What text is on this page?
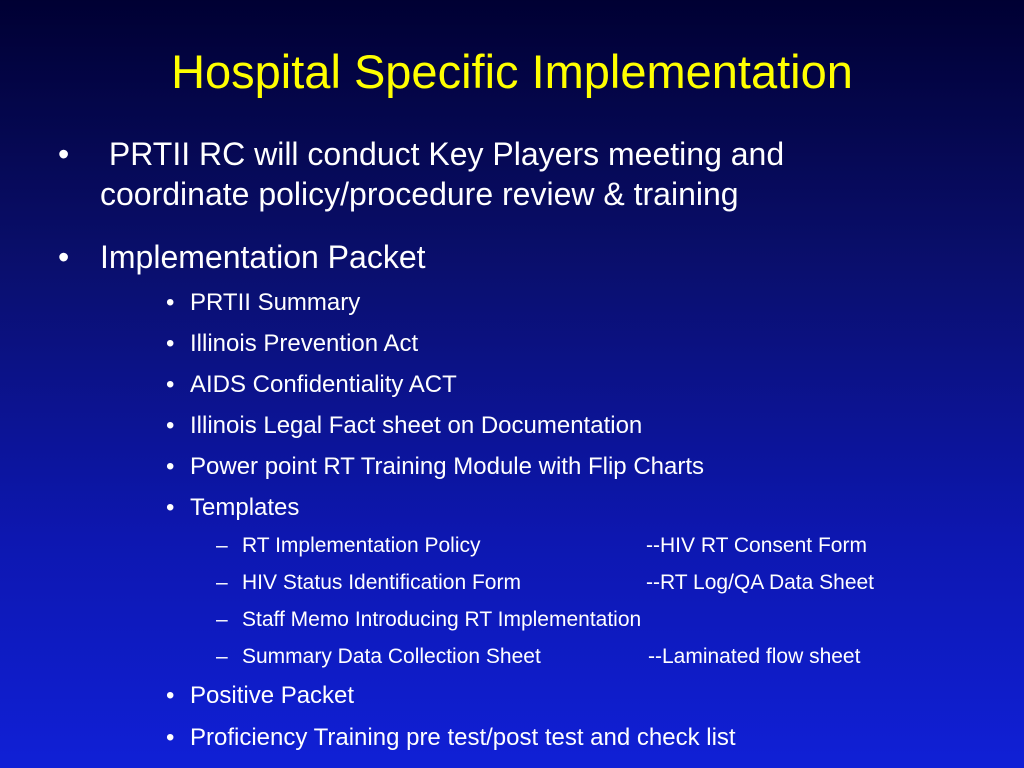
Hospital Specific Implementation
• PRTII RC will conduct Key Players meeting and
coordinate policy/procedure review & training
• Implementation Packet
• PRTII Summary
• Illinois Prevention Act
• AIDS Confidentiality ACT
• Illinois Legal Fact sheet on Documentation
• Power point RT Training Module with Flip Charts
• Templates
– RT Implementation Policy	--HIV RT Consent Form
– HIV Status Identification Form	--RT Log/QA Data Sheet
– Staff Memo Introducing RT Implementation
– Summary Data Collection Sheet	--Laminated flow sheet
• Positive Packet
• Proficiency Training pre test/post test and check list
